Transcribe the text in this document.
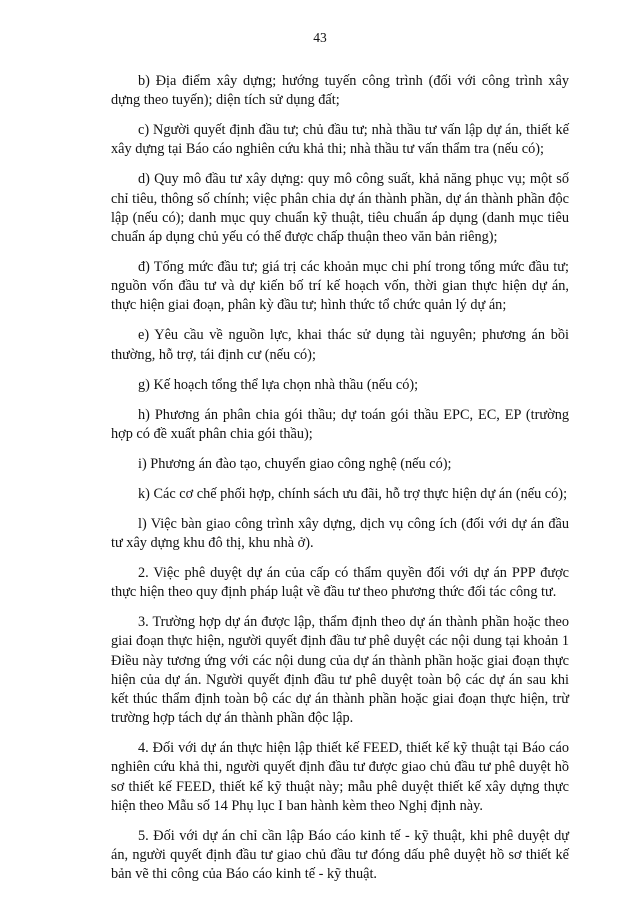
43

b) Địa điểm xây dựng; hướng tuyến công trình (đối với công trình xây dựng theo tuyến); diện tích sử dụng đất;

c) Người quyết định đầu tư; chủ đầu tư; nhà thầu tư vấn lập dự án, thiết kế xây dựng tại Báo cáo nghiên cứu khả thi; nhà thầu tư vấn thẩm tra (nếu có);

d) Quy mô đầu tư xây dựng: quy mô công suất, khả năng phục vụ; một số chỉ tiêu, thông số chính; việc phân chia dự án thành phần, dự án thành phần độc lập (nếu có); danh mục quy chuẩn kỹ thuật, tiêu chuẩn áp dụng (danh mục tiêu chuẩn áp dụng chủ yếu có thể được chấp thuận theo văn bản riêng);

đ) Tổng mức đầu tư; giá trị các khoản mục chi phí trong tổng mức đầu tư; nguồn vốn đầu tư và dự kiến bố trí kế hoạch vốn, thời gian thực hiện dự án, thực hiện giai đoạn, phân kỳ đầu tư; hình thức tổ chức quản lý dự án;

e) Yêu cầu về nguồn lực, khai thác sử dụng tài nguyên; phương án bồi thường, hỗ trợ, tái định cư (nếu có);

g) Kế hoạch tổng thể lựa chọn nhà thầu (nếu có);

h) Phương án phân chia gói thầu; dự toán gói thầu EPC, EC, EP (trường hợp có đề xuất phân chia gói thầu);

i) Phương án đào tạo, chuyển giao công nghệ (nếu có);

k) Các cơ chế phối hợp, chính sách ưu đãi, hỗ trợ thực hiện dự án (nếu có);

l) Việc bàn giao công trình xây dựng, dịch vụ công ích (đối với dự án đầu tư xây dựng khu đô thị, khu nhà ở).

2. Việc phê duyệt dự án của cấp có thẩm quyền đối với dự án PPP được thực hiện theo quy định pháp luật về đầu tư theo phương thức đối tác công tư.

3. Trường hợp dự án được lập, thẩm định theo dự án thành phần hoặc theo giai đoạn thực hiện, người quyết định đầu tư phê duyệt các nội dung tại khoản 1 Điều này tương ứng với các nội dung của dự án thành phần hoặc giai đoạn thực hiện của dự án. Người quyết định đầu tư phê duyệt toàn bộ các dự án sau khi kết thúc thẩm định toàn bộ các dự án thành phần hoặc giai đoạn thực hiện, trừ trường hợp tách dự án thành phần độc lập.

4. Đối với dự án thực hiện lập thiết kế FEED, thiết kế kỹ thuật tại Báo cáo nghiên cứu khả thi, người quyết định đầu tư được giao chủ đầu tư phê duyệt hồ sơ thiết kế FEED, thiết kế kỹ thuật này; mẫu phê duyệt thiết kế xây dựng thực hiện theo Mẫu số 14 Phụ lục I ban hành kèm theo Nghị định này.

5. Đối với dự án chỉ cần lập Báo cáo kinh tế - kỹ thuật, khi phê duyệt dự án, người quyết định đầu tư giao chủ đầu tư đóng dấu phê duyệt hồ sơ thiết kế bản vẽ thi công của Báo cáo kinh tế - kỹ thuật.
